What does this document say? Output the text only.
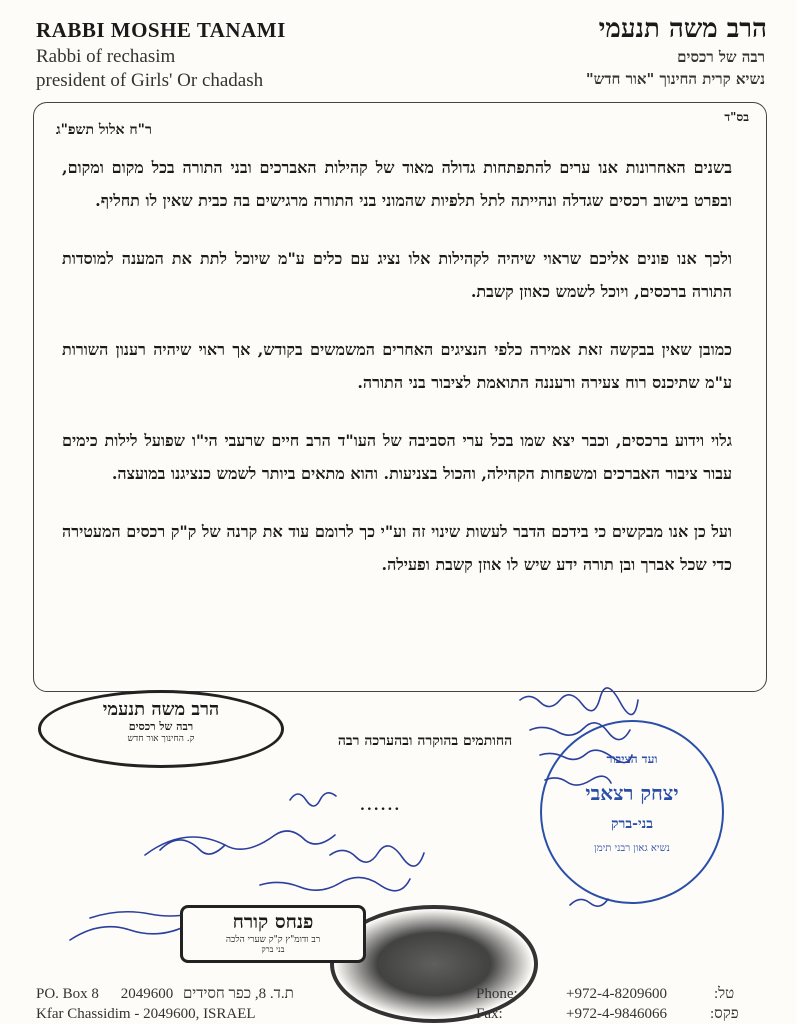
RABBI MOSHE TANAMI
Rabbi of rechasim
president of Girls' Or chadash
הרב משה תנעמי
רבה של רכסים
נשיא קרית החינוך "אור חדש"
בס"ד
ר"ח אלול תשפ"ג

בשנים האחרונות אנו ערים להתפתחות גדולה מאוד של קהילות האברכים ובני התורה בכל מקום ומקום, ובפרט בישוב רכסים שגדלה ונהייתה לתל תלפיות שהמוני בני התורה מרגישים בה כבית שאין לו תחליף.

ולכך אנו פונים אליכם שראוי שיהיה לקהילות אלו נציג עם כלים ע"מ שיוכל לתת את המענה למוסדות התורה ברכסים, ויוכל לשמש כאוזן קשבת.

כמובן שאין בבקשה זאת אמירה כלפי הנציגים האחרים המשמשים בקודש, אך ראוי שיהיה רענון השורות ע"מ שתיכנס רוח צעירה ורעננה התואמת לציבור בני התורה.

גלוי וידוע ברכסים, וכבר יצא שמו בכל ערי הסביבה של העו"ד הרב חיים שרעבי הי"ו שפועל לילות כימים עבור ציבור האברכים ומשפחות הקהילה, והכול בצניעות. והוא מתאים ביותר לשמש כנציגנו במועצה.

ועל כן אנו מבקשים כי בידכם הדבר לעשות שינוי זה וע"י כך לרומם עוד את קרנה של ק"ק רכסים המעטירה כדי שכל אברך ובן תורה ידע שיש לו אוזן קשבת ופעילה.

הרב משה תנעמי
רבה של רכסים
ק. החינוך אור חדש	החותמים בהוקרה ובהערכה רבה
......
ועד הציבור
יצחק רצאבי
בני-ברק
נשיא גאון רבני תימן
פנחס קורח
רב ודומ"ץ ק"ק שערי הלכה
בני ברק
PO. Box 8 2049600 ת.ד. 8, כפר חסידים
Kfar Chassidim - 2049600, ISRAEL
Phone:
Fax:
+972-4-8209600
+972-4-9846066
טל:
פקס:
